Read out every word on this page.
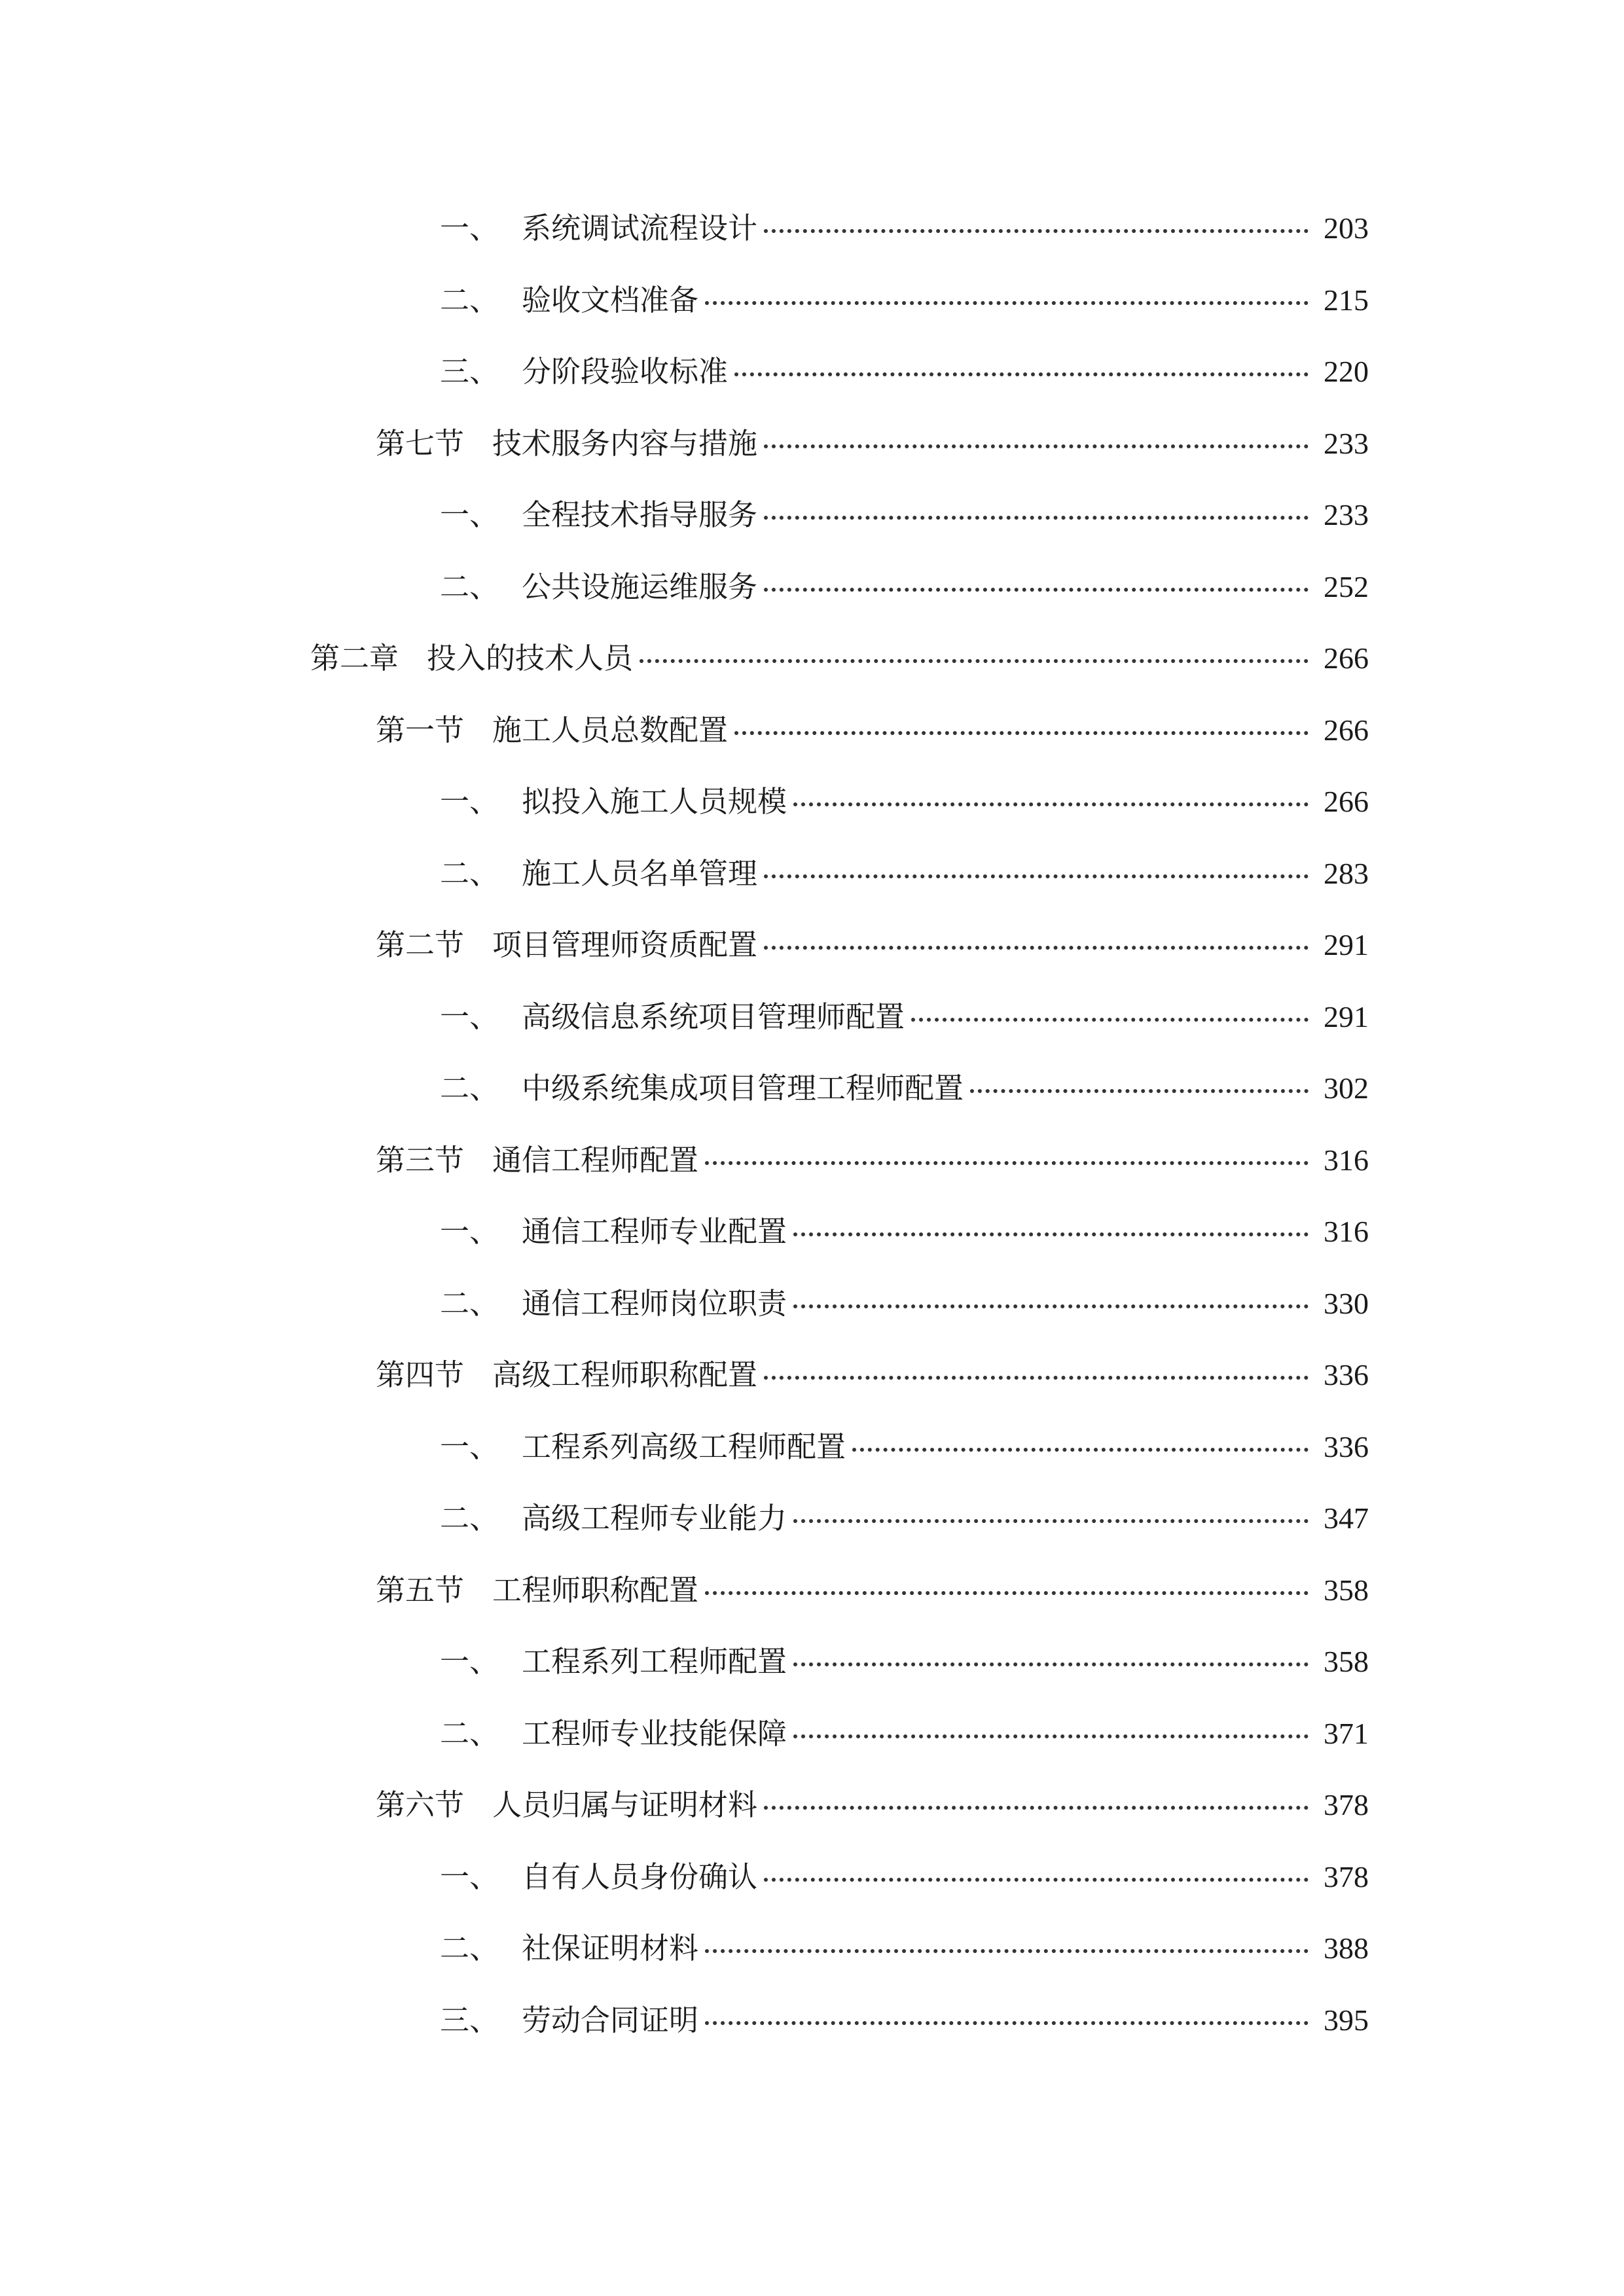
一、 系统调试流程设计	203
二、 验收文档准备	215
三、 分阶段验收标准	220
第七节 技术服务内容与措施	233
一、 全程技术指导服务	233
二、 公共设施运维服务	252
第二章 投入的技术人员	266
第一节 施工人员总数配置	266
一、 拟投入施工人员规模	266
二、 施工人员名单管理	283
第二节 项目管理师资质配置	291
一、 高级信息系统项目管理师配置	291
二、 中级系统集成项目管理工程师配置	302
第三节 通信工程师配置	316
一、 通信工程师专业配置	316
二、 通信工程师岗位职责	330
第四节 高级工程师职称配置	336
一、 工程系列高级工程师配置	336
二、 高级工程师专业能力	347
第五节 工程师职称配置	358
一、 工程系列工程师配置	358
二、 工程师专业技能保障	371
第六节 人员归属与证明材料	378
一、 自有人员身份确认	378
二、 社保证明材料	388
三、 劳动合同证明	395
